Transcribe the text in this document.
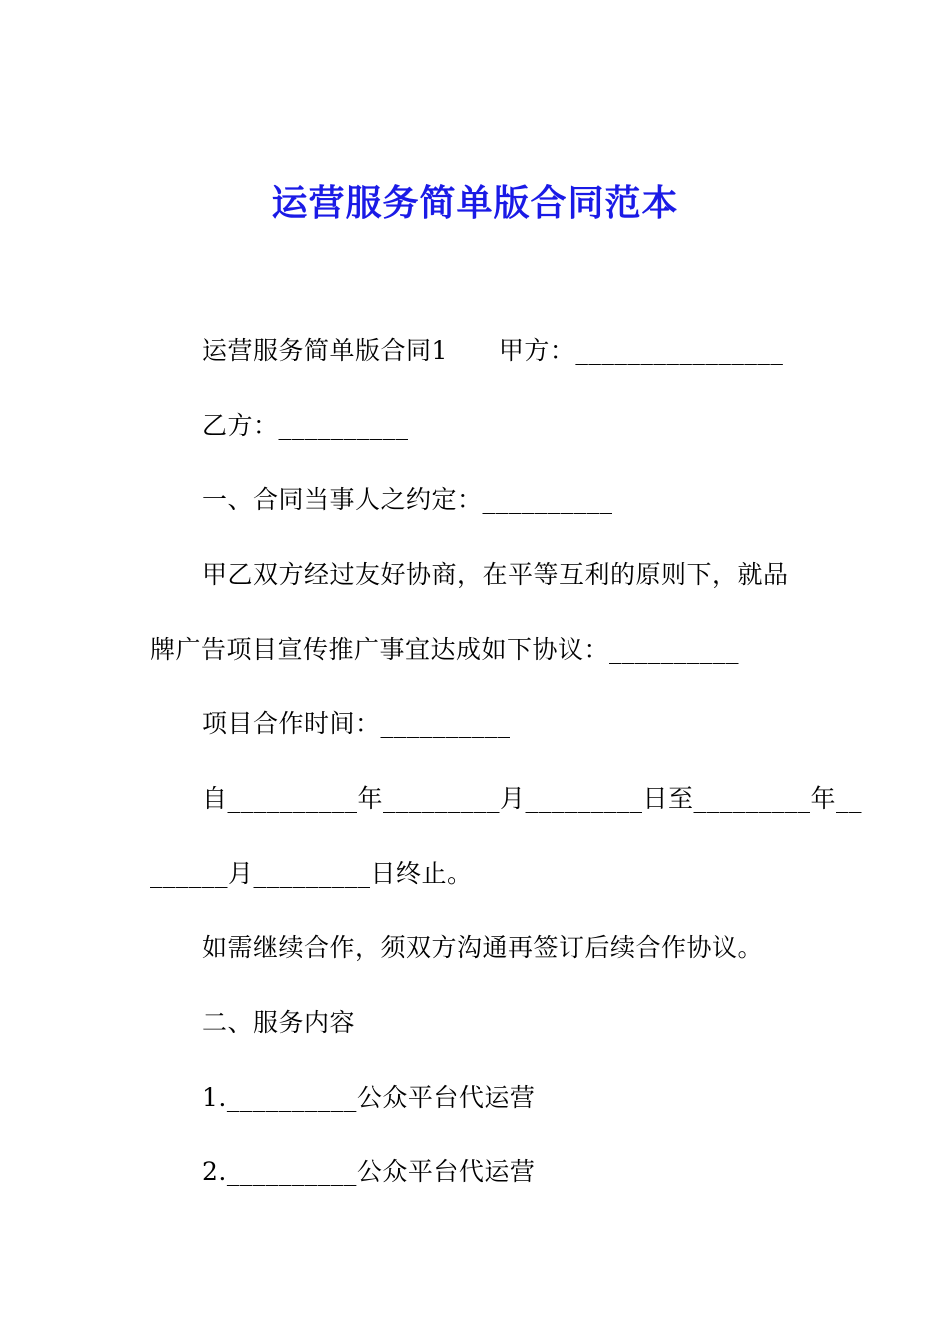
运营服务简单版合同范本
运营服务简单版合同1　　甲方：________________
乙方：__________
一、合同当事人之约定：__________
甲乙双方经过友好协商，在平等互利的原则下，就品
牌广告项目宣传推广事宜达成如下协议：__________
项目合作时间：__________
自__________年_________月_________日至_________年__
______月_________日终止。
如需继续合作，须双方沟通再签订后续合作协议。
二、服务内容
1.__________公众平台代运营
2.__________公众平台代运营
